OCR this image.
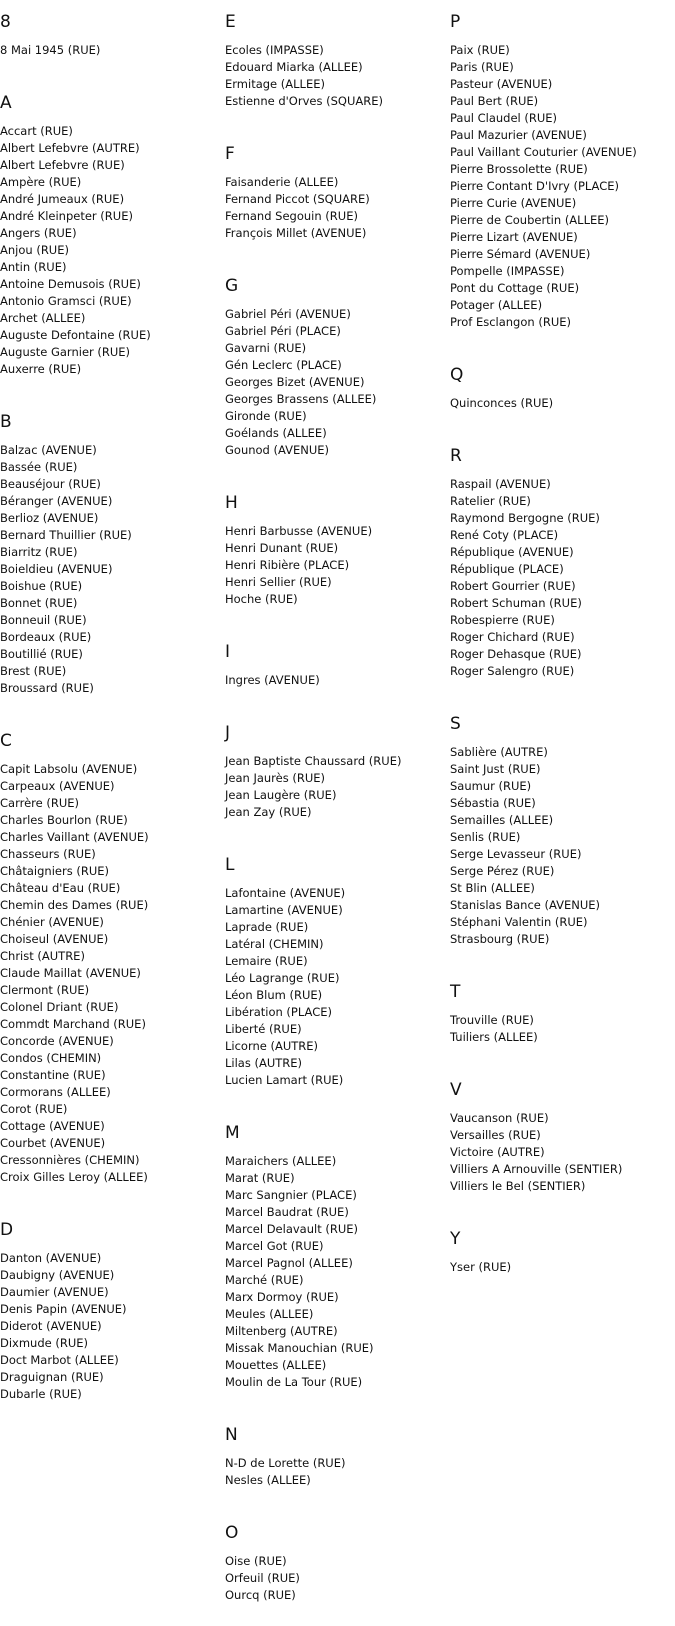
8
8 Mai 1945 (RUE)
A
Accart (RUE)
Albert Lefebvre (AUTRE)
Albert Lefebvre (RUE)
Ampère (RUE)
André Jumeaux (RUE)
André Kleinpeter (RUE)
Angers (RUE)
Anjou (RUE)
Antin (RUE)
Antoine Demusois (RUE)
Antonio Gramsci (RUE)
Archet (ALLEE)
Auguste Defontaine (RUE)
Auguste Garnier (RUE)
Auxerre (RUE)
B
Balzac (AVENUE)
Bassée (RUE)
Beauséjour (RUE)
Béranger (AVENUE)
Berlioz (AVENUE)
Bernard Thuillier (RUE)
Biarritz (RUE)
Boieldieu (AVENUE)
Boishue (RUE)
Bonnet (RUE)
Bonneuil (RUE)
Bordeaux (RUE)
Boutillié (RUE)
Brest (RUE)
Broussard (RUE)
C
Capit Labsolu (AVENUE)
Carpeaux (AVENUE)
Carrère (RUE)
Charles Bourlon (RUE)
Charles Vaillant (AVENUE)
Chasseurs (RUE)
Châtaigniers (RUE)
Château d'Eau (RUE)
Chemin des Dames (RUE)
Chénier (AVENUE)
Choiseul (AVENUE)
Christ (AUTRE)
Claude Maillat (AVENUE)
Clermont (RUE)
Colonel Driant (RUE)
Commdt Marchand (RUE)
Concorde (AVENUE)
Condos (CHEMIN)
Constantine (RUE)
Cormorans (ALLEE)
Corot (RUE)
Cottage (AVENUE)
Courbet (AVENUE)
Cressonnières (CHEMIN)
Croix Gilles Leroy (ALLEE)
D
Danton (AVENUE)
Daubigny (AVENUE)
Daumier (AVENUE)
Denis Papin (AVENUE)
Diderot (AVENUE)
Dixmude (RUE)
Doct Marbot (ALLEE)
Draguignan (RUE)
Dubarle (RUE)
E
Ecoles (IMPASSE)
Edouard Miarka (ALLEE)
Ermitage (ALLEE)
Estienne d'Orves (SQUARE)
F
Faisanderie (ALLEE)
Fernand Piccot (SQUARE)
Fernand Segouin (RUE)
François Millet (AVENUE)
G
Gabriel Péri (AVENUE)
Gabriel Péri (PLACE)
Gavarni (RUE)
Gén Leclerc (PLACE)
Georges Bizet (AVENUE)
Georges Brassens (ALLEE)
Gironde (RUE)
Goélands (ALLEE)
Gounod (AVENUE)
H
Henri Barbusse (AVENUE)
Henri Dunant (RUE)
Henri Ribière (PLACE)
Henri Sellier (RUE)
Hoche (RUE)
I
Ingres (AVENUE)
J
Jean Baptiste Chaussard (RUE)
Jean Jaurès (RUE)
Jean Laugère (RUE)
Jean Zay (RUE)
L
Lafontaine (AVENUE)
Lamartine (AVENUE)
Laprade (RUE)
Latéral (CHEMIN)
Lemaire (RUE)
Léo Lagrange (RUE)
Léon Blum (RUE)
Libération (PLACE)
Liberté (RUE)
Licorne (AUTRE)
Lilas (AUTRE)
Lucien Lamart (RUE)
M
Maraichers (ALLEE)
Marat (RUE)
Marc Sangnier (PLACE)
Marcel Baudrat (RUE)
Marcel Delavault (RUE)
Marcel Got (RUE)
Marcel Pagnol (ALLEE)
Marché (RUE)
Marx Dormoy (RUE)
Meules (ALLEE)
Miltenberg (AUTRE)
Missak Manouchian (RUE)
Mouettes (ALLEE)
Moulin de La Tour (RUE)
N
N-D de Lorette (RUE)
Nesles (ALLEE)
O
Oise (RUE)
Orfeuil (RUE)
Ourcq (RUE)
P
Paix (RUE)
Paris (RUE)
Pasteur (AVENUE)
Paul Bert (RUE)
Paul Claudel (RUE)
Paul Mazurier (AVENUE)
Paul Vaillant Couturier (AVENUE)
Pierre Brossolette (RUE)
Pierre Contant D'Ivry (PLACE)
Pierre Curie (AVENUE)
Pierre de Coubertin (ALLEE)
Pierre Lizart (AVENUE)
Pierre Sémard (AVENUE)
Pompelle (IMPASSE)
Pont du Cottage (RUE)
Potager (ALLEE)
Prof Esclangon (RUE)
Q
Quinconces (RUE)
R
Raspail (AVENUE)
Ratelier (RUE)
Raymond Bergogne (RUE)
René Coty (PLACE)
République (AVENUE)
République (PLACE)
Robert Gourrier (RUE)
Robert Schuman (RUE)
Robespierre (RUE)
Roger Chichard (RUE)
Roger Dehasque (RUE)
Roger Salengro (RUE)
S
Sablière (AUTRE)
Saint Just (RUE)
Saumur (RUE)
Sébastia (RUE)
Semailles (ALLEE)
Senlis (RUE)
Serge Levasseur (RUE)
Serge Pérez (RUE)
St Blin (ALLEE)
Stanislas Bance (AVENUE)
Stéphani Valentin (RUE)
Strasbourg (RUE)
T
Trouville (RUE)
Tuiliers (ALLEE)
V
Vaucanson (RUE)
Versailles (RUE)
Victoire (AUTRE)
Villiers A Arnouville (SENTIER)
Villiers le Bel (SENTIER)
Y
Yser (RUE)
